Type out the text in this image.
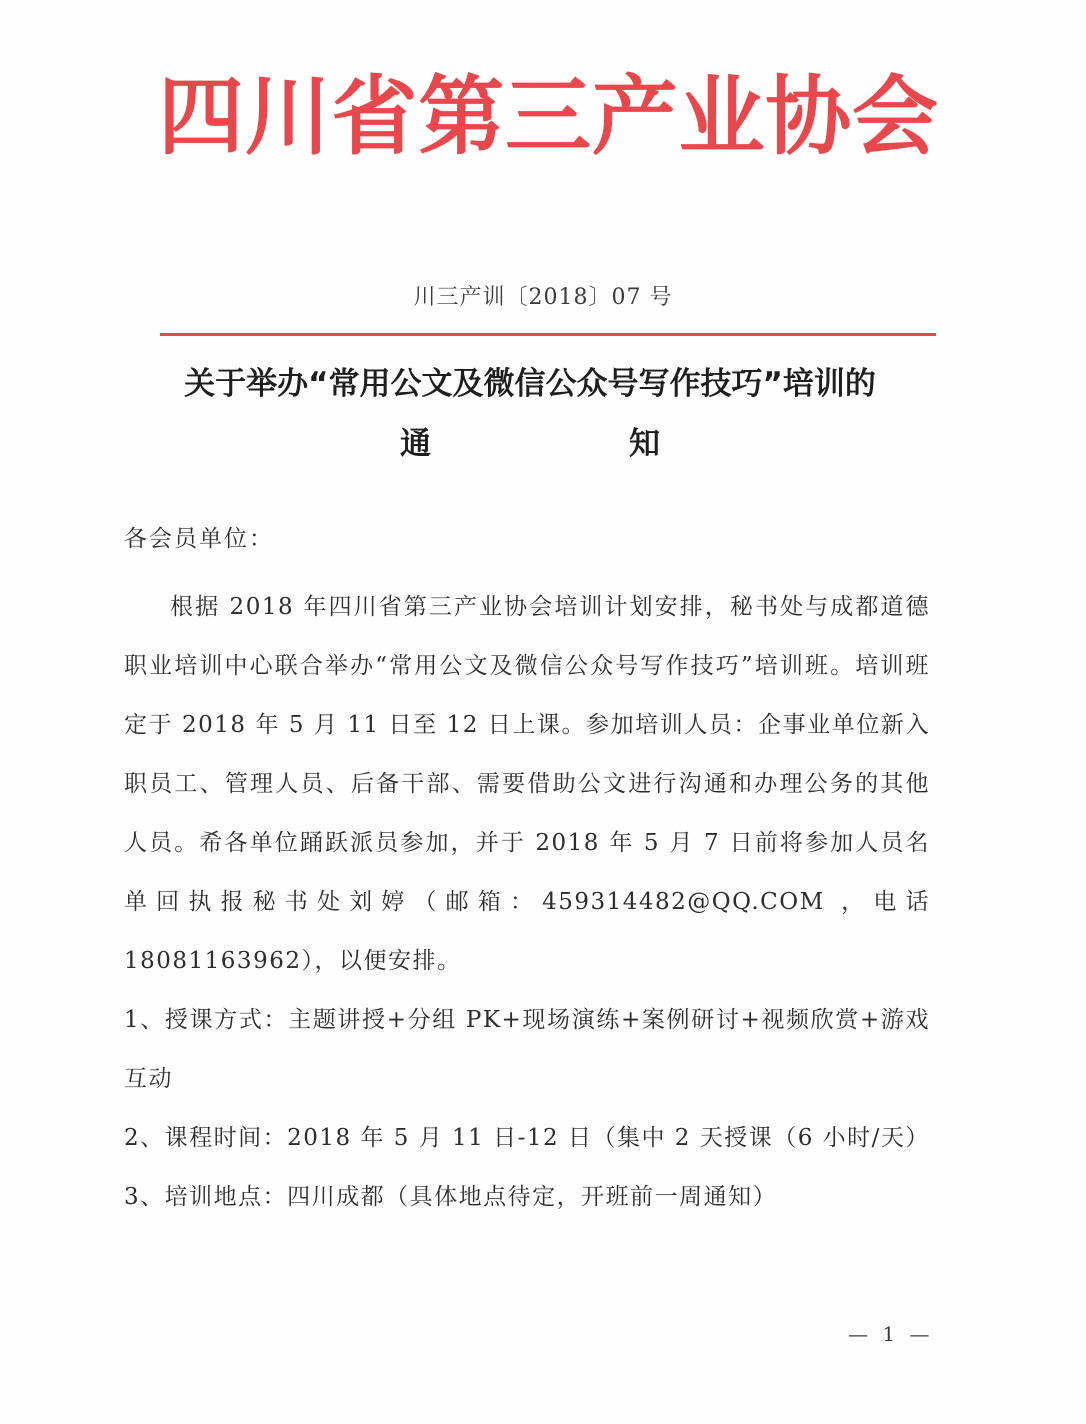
四 川 省 第 三 产 业 协 会
川三产训〔2018〕07 号
关于举办“常用公文及微信公众号写作技巧”培训的
通	知
各会员单位：

根据 2018 年四川省第三产业协会培训计划安排，秘书处与成都道德职业培训中心联合举办“常用公文及微信公众号写作技巧”培训班。培训班定于 2018 年 5 月 11 日至 12 日上课。参加培训人员：企事业单位新入职员工、管理人员、后备干部、需要借助公文进行沟通和办理公务的其他人员。希各单位踊跃派员参加，并于 2018 年 5 月 7 日前将参加人员名单回执报秘书处刘婷（邮箱：459314482@QQ.COM ，电话 18081163962），以便安排。

1、授课方式：主题讲授+分组 PK+现场演练+案例研讨+视频欣赏+游戏互动

2、课程时间：2018 年 5 月 11 日-12 日（集中 2 天授课（6 小时/天）

3、培训地点：四川成都（具体地点待定，开班前一周通知）

— 1 —
